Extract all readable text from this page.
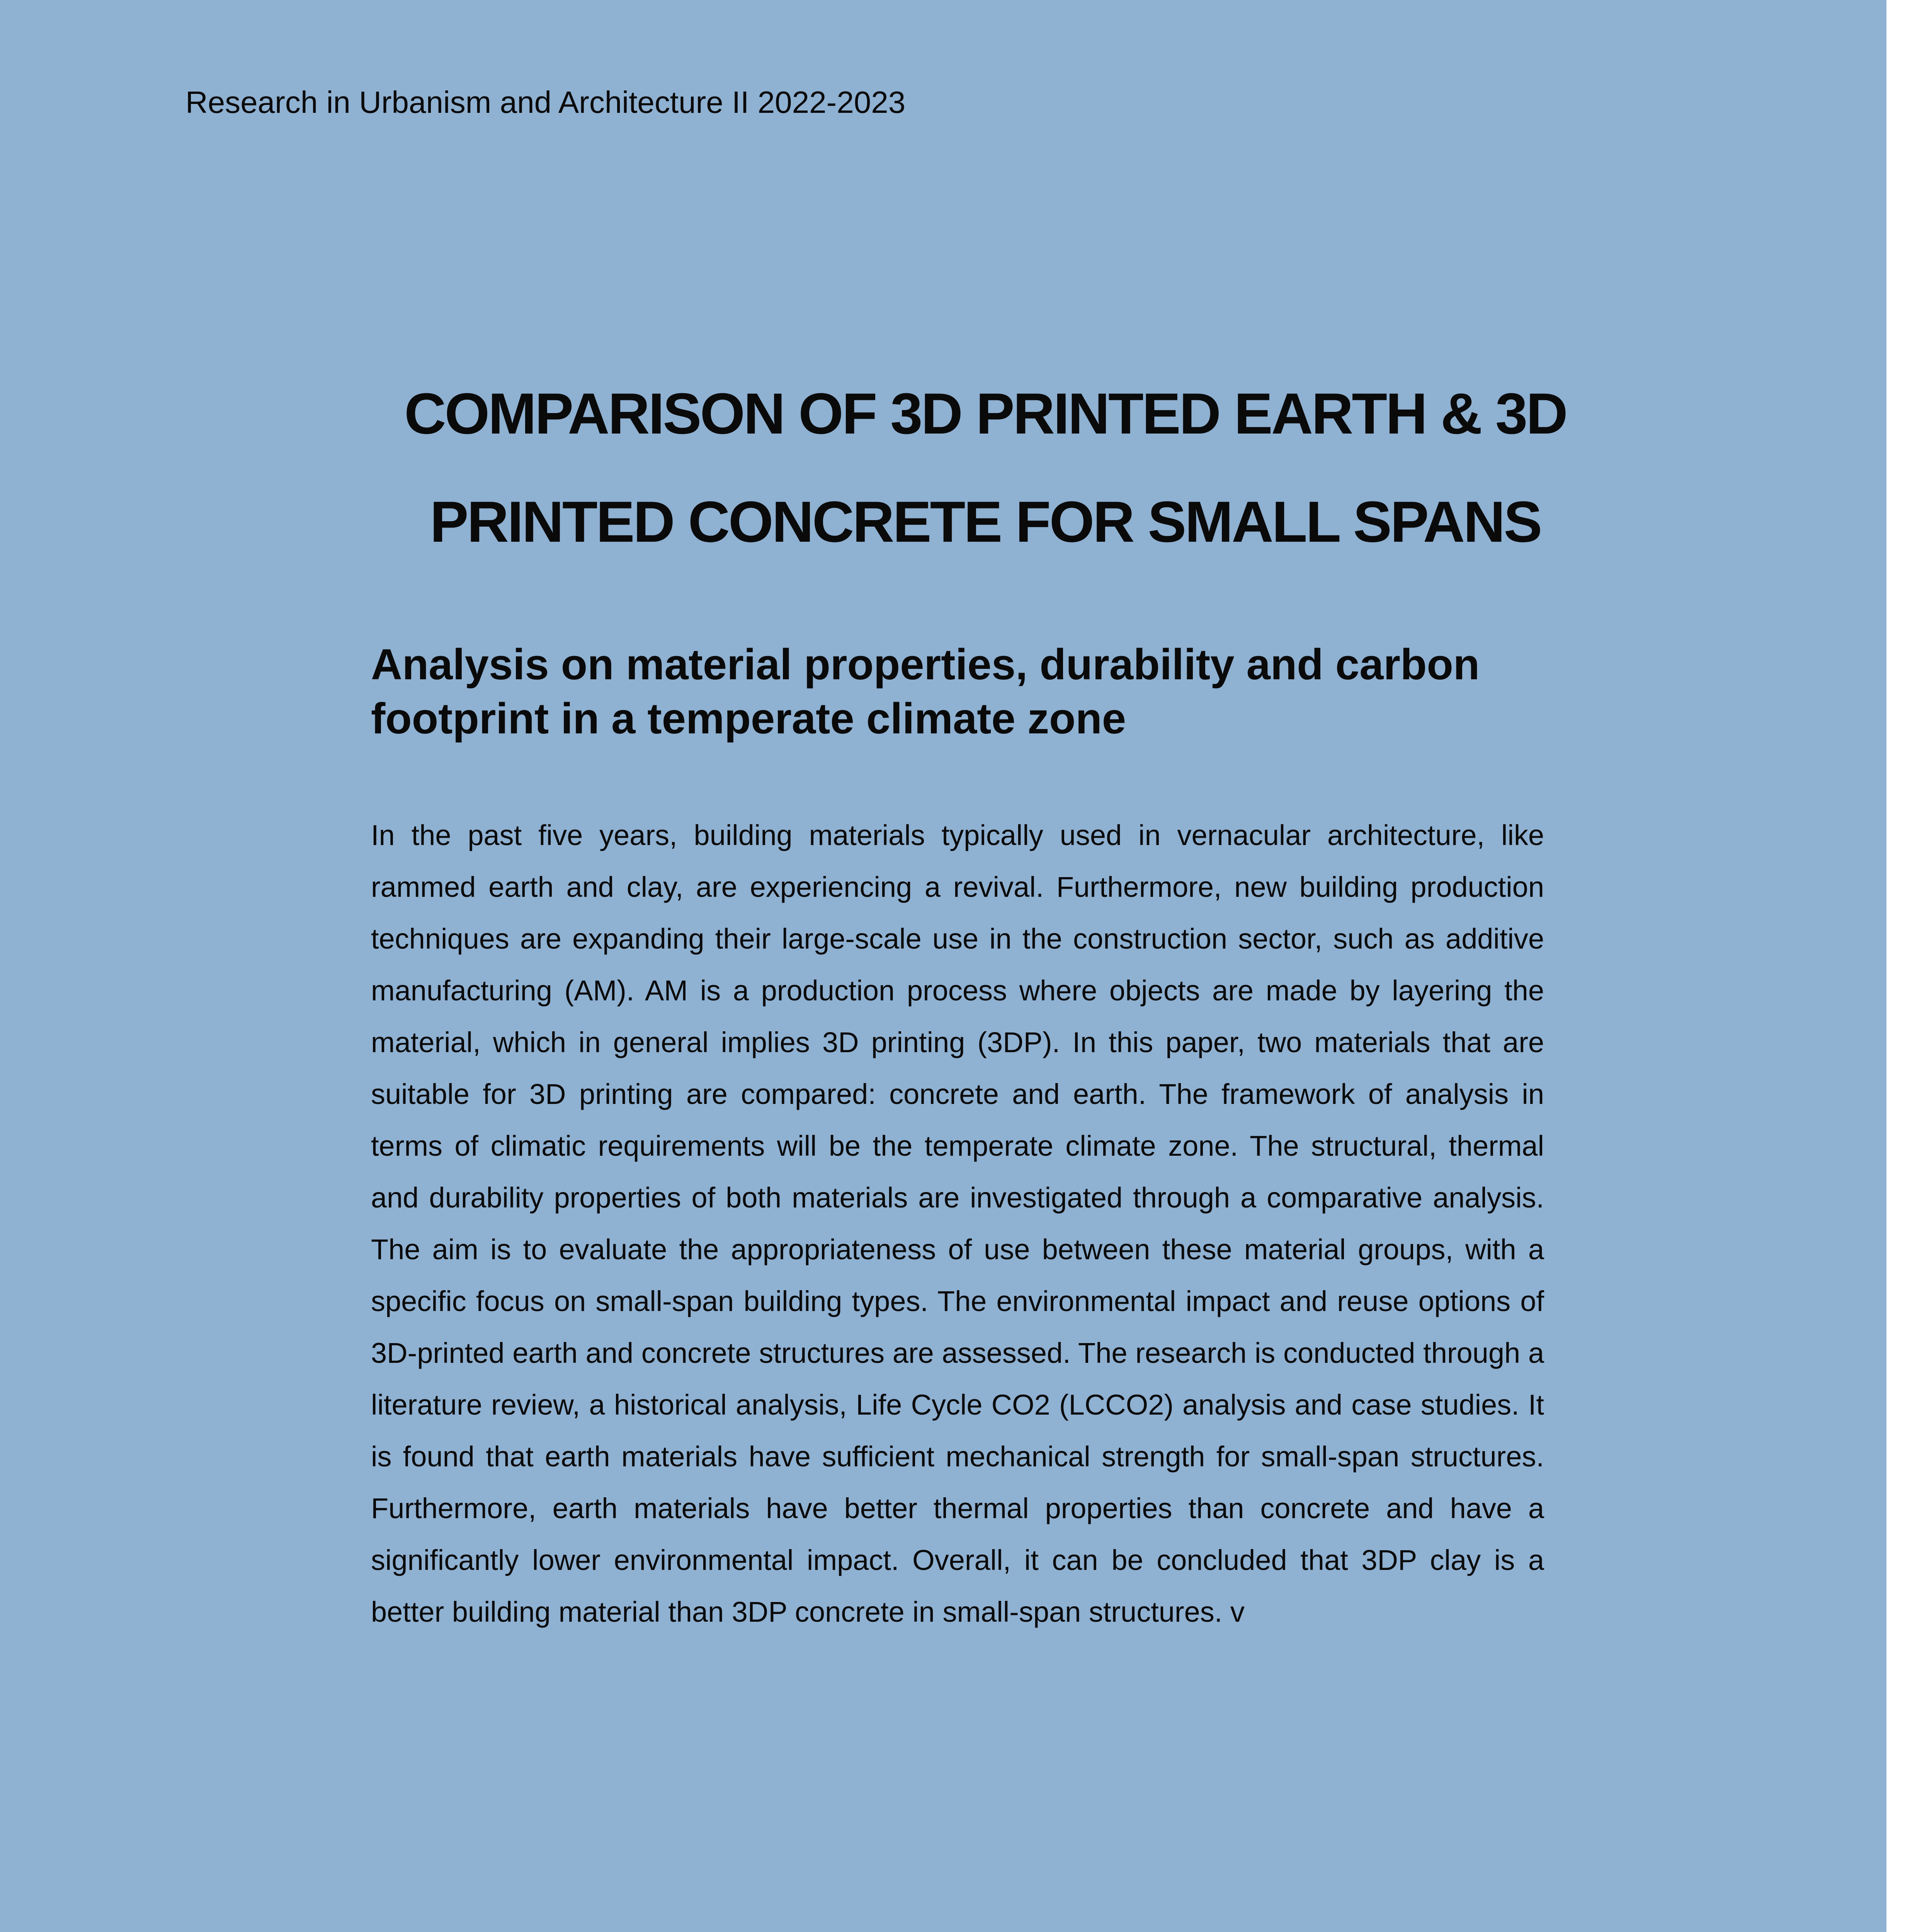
Research in Urbanism and Architecture II 2022-2023
COMPARISON OF 3D PRINTED EARTH & 3D
PRINTED CONCRETE FOR SMALL SPANS
Analysis on material properties, durability and carbon
footprint in a temperate climate zone
In the past five years, building materials typically used in vernacular architecture, like rammed earth and clay, are experiencing a revival. Furthermore, new building production techniques are expanding their large-scale use in the construction sector, such as additive manufacturing (AM). AM is a production process where objects are made by layering the material, which in general implies 3D printing (3DP). In this paper, two materials that are suitable for 3D printing are compared: concrete and earth. The framework of analysis in terms of climatic requirements will be the temperate climate zone. The structural, thermal and durability properties of both materials are investigated through a comparative analysis. The aim is to evaluate the appropriateness of use between these material groups, with a specific focus on small-span building types. The environmental impact and reuse options of 3D-printed earth and concrete structures are assessed. The research is conducted through a literature review, a historical analysis, Life Cycle CO2 (LCCO2) analysis and case studies. It is found that earth materials have sufficient mechanical strength for small-span structures. Furthermore, earth materials have better thermal properties than concrete and have a significantly lower environmental impact. Overall, it can be concluded that 3DP clay is a better building material than 3DP concrete in small-span structures. v
